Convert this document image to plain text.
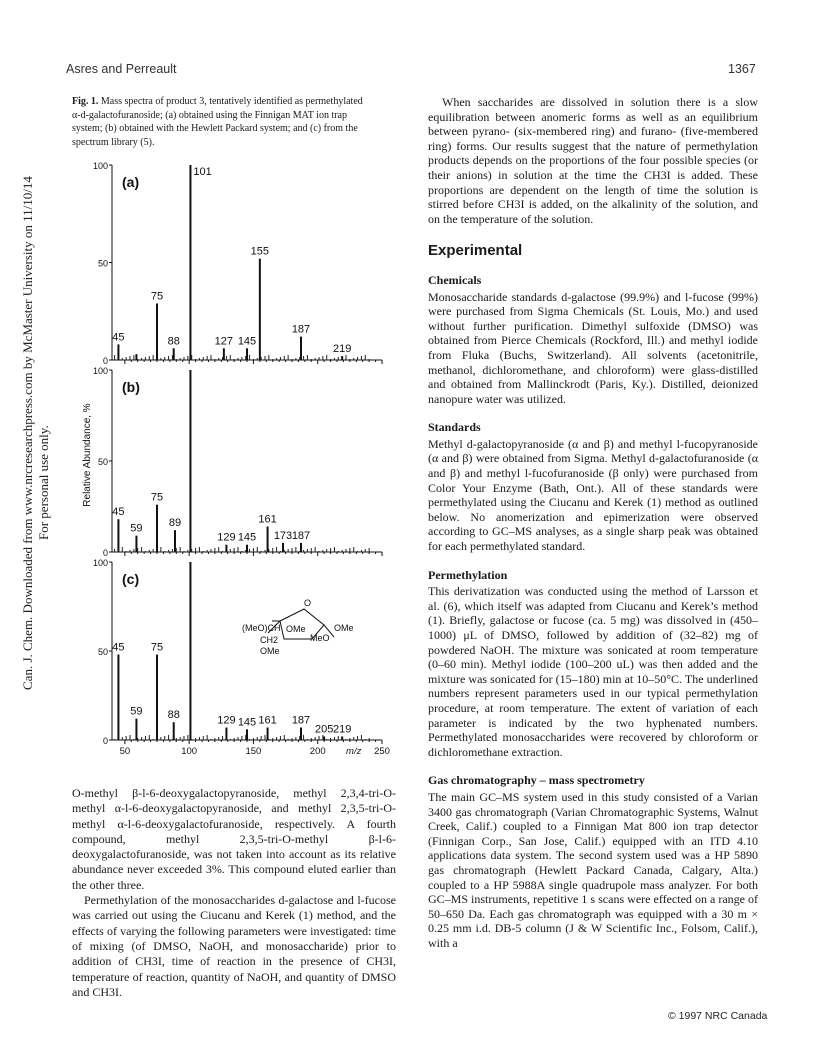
Asres and Perreault	1367
Can. J. Chem. Downloaded from www.nrcresearchpress.com by McMaster University on 11/10/14 For personal use only.
Fig. 1. Mass spectra of product 3, tentatively identified as permethylated α-d-galactofuranoside; (a) obtained using the Finnigan MAT ion trap system; (b) obtained with the Hewlett Packard system; and (c) from the spectrum library (5).
100
50
0
(a)
101
155
75
187
45	88	127 145
219
100
50
0
(b)
75
45
59 89	161
129 145 173 187
100
50
0
(c)
45 75
59 88	129 145 161 187
205 219
50	100	150	200	250
m/z
Relative Abundance, %
O
OMe
(MeO)CH	OMe
CH2	MeO
OMe

O-methyl β-l-6-deoxygalactopyranoside, methyl 2,3,4-tri-O-methyl α-l-6-deoxygalactopyranoside, and methyl 2,3,5-tri-O-methyl α-l-6-deoxygalactofuranoside, respectively. A fourth compound, methyl 2,3,5-tri-O-methyl β-l-6-deoxygalactofuranoside, was not taken into account as its relative abundance never exceeded 3%. This compound eluted earlier than the other three.

Permethylation of the monosaccharides d-galactose and l-fucose was carried out using the Ciucanu and Kerek (1) method, and the effects of varying the following parameters were investigated: time of mixing (of DMSO, NaOH, and monosaccharide) prior to addition of CH3I, time of reaction in the presence of CH3I, temperature of reaction, quantity of NaOH, and quantity of DMSO and CH3I.

When saccharides are dissolved in solution there is a slow equilibration between anomeric forms as well as an equilibrium between pyrano- (six-membered ring) and furano- (five-membered ring) forms. Our results suggest that the nature of permethylation products depends on the proportions of the four possible species (or their anions) in solution at the time the CH3I is added. These proportions are dependent on the length of time the solution is stirred before CH3I is added, on the alkalinity of the solution, and on the temperature of the solution.

Experimental
Chemicals

Monosaccharide standards d-galactose (99.9%) and l-fucose (99%) were purchased from Sigma Chemicals (St. Louis, Mo.) and used without further purification. Dimethyl sulfoxide (DMSO) was obtained from Pierce Chemicals (Rockford, Ill.) and methyl iodide from Fluka (Buchs, Switzerland). All solvents (acetonitrile, methanol, dichloromethane, and chloroform) were glass-distilled and obtained from Mallinckrodt (Paris, Ky.). Distilled, deionized nanopure water was utilized.

Standards

Methyl d-galactopyranoside (α and β) and methyl l-fucopyranoside (α and β) were obtained from Sigma. Methyl d-galactofuranoside (α and β) and methyl l-fucofuranoside (β only) were purchased from Color Your Enzyme (Bath, Ont.). All of these standards were permethylated using the Ciucanu and Kerek (1) method as outlined below. No anomerization and epimerization were observed according to GC–MS analyses, as a single sharp peak was obtained for each permethylated standard.

Permethylation

This derivatization was conducted using the method of Larsson et al. (6), which itself was adapted from Ciucanu and Kerek’s method (1). Briefly, galactose or fucose (ca. 5 mg) was dissolved in (450–1000) μL of DMSO, followed by addition of (32–82) mg of powdered NaOH. The mixture was sonicated at room temperature (0–60 min). Methyl iodide (100–200 uL) was then added and the mixture was sonicated for (15–180) min at 10–50°C. The underlined numbers represent parameters used in our typical permethylation procedure, at room temperature. The extent of variation of each parameter is indicated by the two hyphenated numbers. Permethylated monosaccharides were recovered by chloroform or dichloromethane extraction.

Gas chromatography – mass spectrometry

The main GC–MS system used in this study consisted of a Varian 3400 gas chromatograph (Varian Chromatographic Systems, Walnut Creek, Calif.) coupled to a Finnigan Mat 800 ion trap detector (Finnigan Corp., San Jose, Calif.) equipped with an ITD 4.10 applications data system. The second system used was a HP 5890 gas chromatograph (Hewlett Packard Canada, Calgary, Alta.) coupled to a HP 5988A single quadrupole mass analyzer. For both GC–MS instruments, repetitive 1 s scans were effected on a range of 50–650 Da. Each gas chromatograph was equipped with a 30 m × 0.25 mm i.d. DB-5 column (J & W Scientific Inc., Folsom, Calif.), with a

© 1997 NRC Canada
